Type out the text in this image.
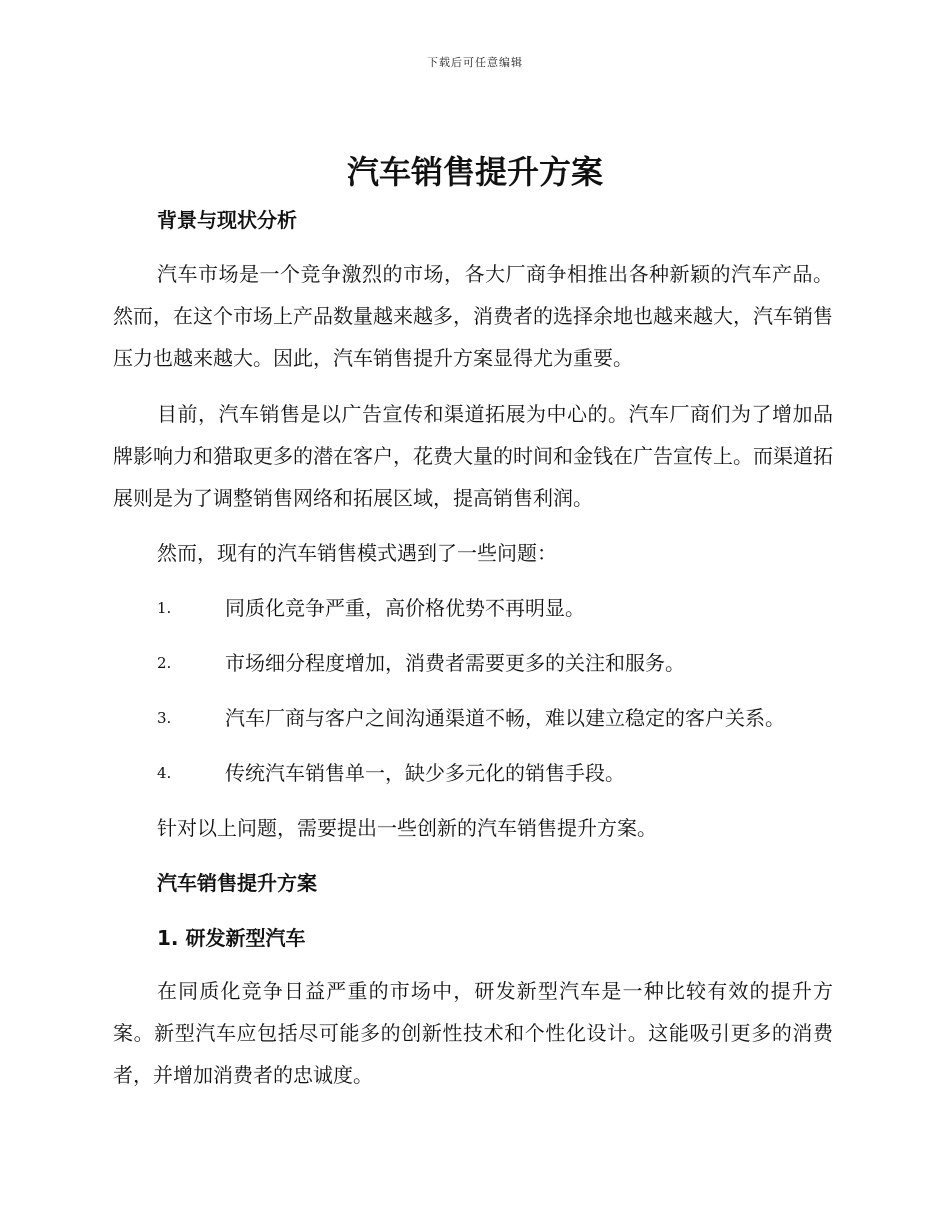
下载后可任意编辑
汽车销售提升方案
背景与现状分析

汽车市场是一个竞争激烈的市场，各大厂商争相推出各种新颖的汽车产品。然而，在这个市场上产品数量越来越多，消费者的选择余地也越来越大，汽车销售压力也越来越大。因此，汽车销售提升方案显得尤为重要。

目前，汽车销售是以广告宣传和渠道拓展为中心的。汽车厂商们为了增加品牌影响力和猎取更多的潜在客户，花费大量的时间和金钱在广告宣传上。而渠道拓展则是为了调整销售网络和拓展区域，提高销售利润。

然而，现有的汽车销售模式遇到了一些问题：

1.	同质化竞争严重，高价格优势不再明显。
2.	市场细分程度增加，消费者需要更多的关注和服务。
3.	汽车厂商与客户之间沟通渠道不畅，难以建立稳定的客户关系。
4.	传统汽车销售单一，缺少多元化的销售手段。

针对以上问题，需要提出一些创新的汽车销售提升方案。

汽车销售提升方案
1. 研发新型汽车

在同质化竞争日益严重的市场中，研发新型汽车是一种比较有效的提升方案。新型汽车应包括尽可能多的创新性技术和个性化设计。这能吸引更多的消费者，并增加消费者的忠诚度。
